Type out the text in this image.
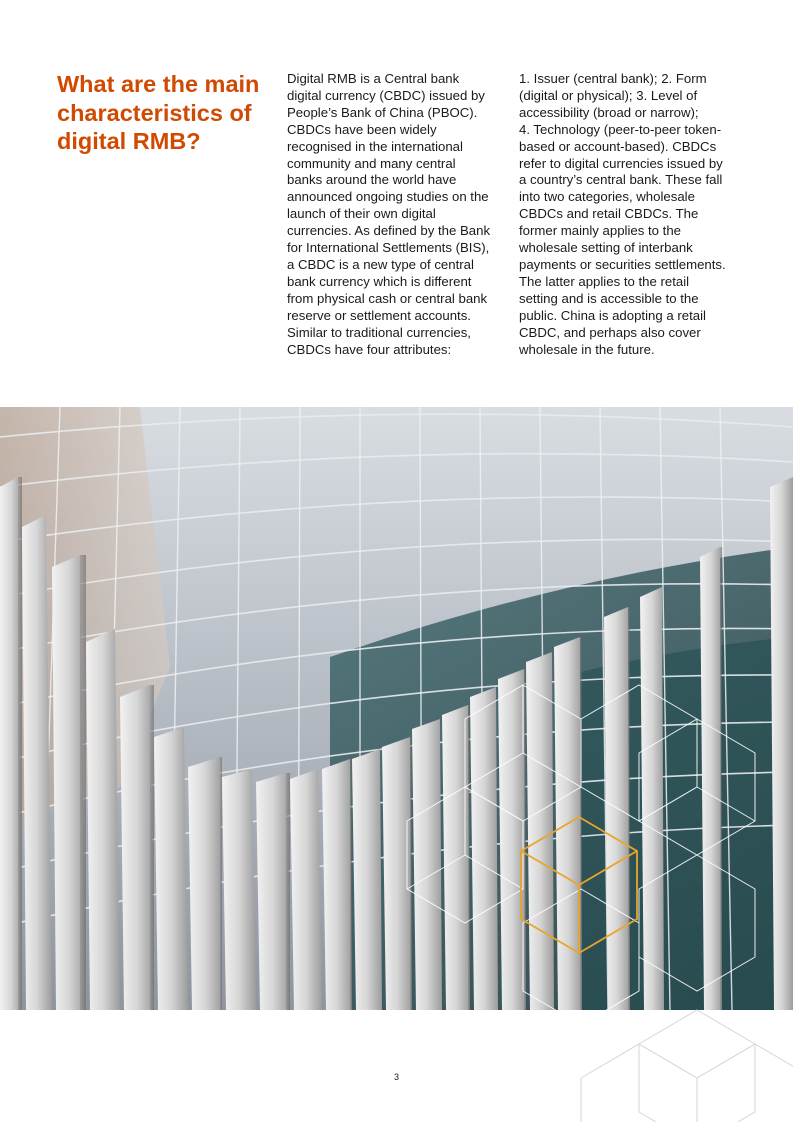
What are the main
characteristics of
digital RMB?

Digital RMB is a Central bank
digital currency (CBDC) issued by
People’s Bank of China (PBOC).
CBDCs have been widely
recognised in the international
community and many central
banks around the world have
announced ongoing studies on the
launch of their own digital
currencies. As defined by the Bank
for International Settlements (BIS),
a CBDC is a new type of central
bank currency which is different
from physical cash or central bank
reserve or settlement accounts.
Similar to traditional currencies,
CBDCs have four attributes:

1. Issuer (central bank); 2. Form
(digital or physical); 3. Level of
accessibility (broad or narrow);
4. Technology (peer-to-peer token-
based or account-based). CBDCs
refer to digital currencies issued by
a country’s central bank. These fall
into two categories, wholesale
CBDCs and retail CBDCs. The
former mainly applies to the
wholesale setting of interbank
payments or securities settlements.
The latter applies to the retail
setting and is accessible to the
public. China is adopting a retail
CBDC, and perhaps also cover
wholesale in the future.

3
